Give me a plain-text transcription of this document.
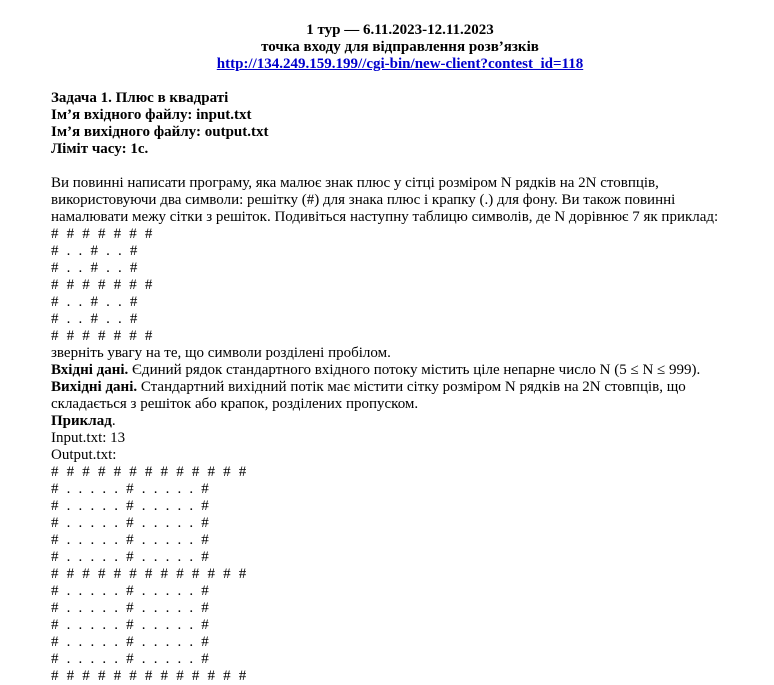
1 тур — 6.11.2023-12.11.2023
точка входу для відправлення розв’язків
http://134.249.159.199//cgi-bin/new-client?contest_id=118
Задача 1. Плюс в квадраті
Ім’я вхідного файлу: input.txt
Ім’я вихідного файлу: output.txt
Ліміт часу: 1с.
Ви повинні написати програму, яка малює знак плюс у сітці розміром N рядків на 2N стовпців, використовуючи два символи: решітку (#) для знака плюс і крапку (.) для фону. Ви також повинні намалювати межу сітки з решіток. Подивіться наступну таблицю символів, де N дорівнює 7 як приклад:
# # # # # # #
# . . # . . #
# . . # . . #
# # # # # # #
# . . # . . #
# . . # . . #
# # # # # # #
зверніть увагу на те, що символи розділені пробілом.
Вхідні дані. Єдиний рядок стандартного вхідного потоку містить ціле непарне число N (5 ≤ N ≤ 999).
Вихідні дані. Стандартний вихідний потік має містити сітку розміром N рядків на 2N стовпців, що складається з решіток або крапок, розділених пропуском.
Приклад.
Input.txt: 13
Output.txt:
# # # # # # # # # # # # #
# . . . . . # . . . . . #
# . . . . . # . . . . . #
# . . . . . # . . . . . #
# . . . . . # . . . . . #
# . . . . . # . . . . . #
# # # # # # # # # # # # #
# . . . . . # . . . . . #
# . . . . . # . . . . . #
# . . . . . # . . . . . #
# . . . . . # . . . . . #
# . . . . . # . . . . . #
# # # # # # # # # # # # #
